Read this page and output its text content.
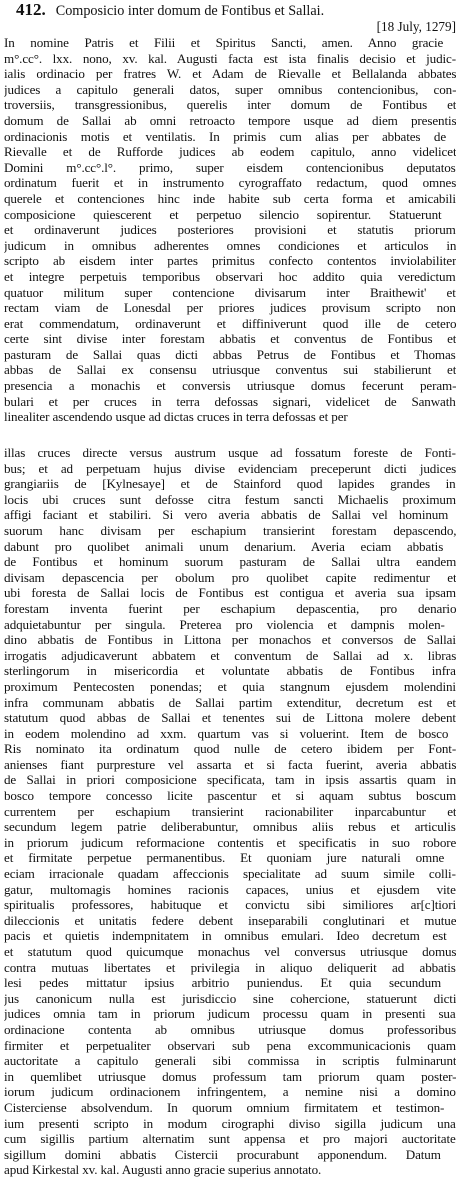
412. Composicio inter domum de Fontibus et Sallai.
[18 July, 1279]
In nomine Patris et Filii et Spiritus Sancti, amen. Anno gracie
m°.cc°. lxx. nono, xv. kal. Augusti facta est ista finalis decisio et judic-
ialis ordinacio per fratres W. et Adam de Rievalle et Bellalanda abbates
judices a capitulo generali datos, super omnibus contencionibus, con-
troversiis, transgressionibus, querelis inter domum de Fontibus et
domum de Sallai ab omni retroacto tempore usque ad diem presentis
ordinacionis motis et ventilatis. In primis cum alias per abbates de
Rievalle et de Rufforde judices ab eodem capitulo, anno videlicet
Domini m°.cc°.l°. primo, super eisdem contencionibus deputatos
ordinatum fuerit et in instrumento cyrograffato redactum, quod omnes
querele et contenciones hinc inde habite sub certa forma et amicabili
composicione quiescerent et perpetuo silencio sopirentur. Statuerunt
et ordinaverunt judices posteriores provisioni et statutis priorum
judicum in omnibus adherentes omnes condiciones et articulos in
scripto ab eisdem inter partes primitus confecto contentos inviolabiliter
et integre perpetuis temporibus observari hoc addito quia veredictum
quatuor militum super contencione divisarum inter Braithewit' et
rectam viam de Lonesdal per priores judices provisum scripto non
erat commendatum, ordinaverunt et diffiniverunt quod ille de cetero
certe sint divise inter forestam abbatis et conventus de Fontibus et
pasturam de Sallai quas dicti abbas Petrus de Fontibus et Thomas
abbas de Sallai ex consensu utriusque conventus sui stabilierunt et
presencia a monachis et conversis utriusque domus fecerunt peram-
bulari et per cruces in terra defossas signari, videlicet de Sanwath
linealiter ascendendo usque ad dictas cruces in terra defossas et per
illas cruces directe versus austrum usque ad fossatum foreste de Fonti-
bus; et ad perpetuam hujus divise evidenciam preceperunt dicti judices
grangiariis de [Kylnesaye] et de Stainford quod lapides grandes in
locis ubi cruces sunt defosse citra festum sancti Michaelis proximum
affigi faciant et stabiliri. Si vero averia abbatis de Sallai vel hominum
suorum hanc divisam per eschapium transierint forestam depascendo,
dabunt pro quolibet animali unum denarium. Averia eciam abbatis
de Fontibus et hominum suorum pasturam de Sallai ultra eandem
divisam depascencia per obolum pro quolibet capite redimentur et
ubi foresta de Sallai locis de Fontibus est contigua et averia sua ipsam
forestam inventa fuerint per eschapium depascentia, pro denario
adquietabuntur per singula. Preterea pro violencia et dampnis molen-
dino abbatis de Fontibus in Littona per monachos et conversos de Sallai
irrogatis adjudicaverunt abbatem et conventum de Sallai ad x. libras
sterlingorum in misericordia et voluntate abbatis de Fontibus infra
proximum Pentecosten ponendas; et quia stangnum ejusdem molendini
infra communam abbatis de Sallai partim extenditur, decretum est et
statutum quod abbas de Sallai et tenentes sui de Littona molere debent
in eodem molendino ad xxm. quartum vas si voluerint. Item de bosco
Ris nominato ita ordinatum quod nulle de cetero ibidem per Font-
anienses fiant purpresture vel assarta et si facta fuerint, averia abbatis
de Sallai in priori composicione specificata, tam in ipsis assartis quam in
bosco tempore concesso licite pascentur et si aquam subtus boscum
currentem per eschapium transierint racionabiliter inparcabuntur et
secundum legem patrie deliberabuntur, omnibus aliis rebus et articulis
in priorum judicum reformacione contentis et specificatis in suo robore
et firmitate perpetue permanentibus. Et quoniam jure naturali omne
eciam irracionale quadam affeccionis specialitate ad suum simile colli-
gatur, multomagis homines racionis capaces, unius et ejusdem vite
spiritualis professores, habituque et convictu sibi similiores ar[c]tiori
dileccionis et unitatis federe debent inseparabili conglutinari et mutue
pacis et quietis indempnitatem in omnibus emulari. Ideo decretum est
et statutum quod quicumque monachus vel conversus utriusque domus
contra mutuas libertates et privilegia in aliquo deliquerit ad abbatis
lesi pedes mittatur ipsius arbitrio puniendus. Et quia secundum
jus canonicum nulla est jurisdiccio sine cohercione, statuerunt dicti
judices omnia tam in priorum judicum processu quam in presenti sua
ordinacione contenta ab omnibus utriusque domus professoribus
firmiter et perpetualiter observari sub pena excommunicacionis quam
auctoritate a capitulo generali sibi commissa in scriptis fulminarunt
in quemlibet utriusque domus professum tam priorum quam poster-
iorum judicum ordinacionem infringentem, a nemine nisi a domino
Cisterciense absolvendum. In quorum omnium firmitatem et testimon-
ium presenti scripto in modum cirographi diviso sigilla judicum una
cum sigillis partium alternatim sunt appensa et pro majori auctoritate
sigillum domini abbatis Cistercii procurabunt apponendum. Datum
apud Kirkestal xv. kal. Augusti anno gracie superius annotato.
